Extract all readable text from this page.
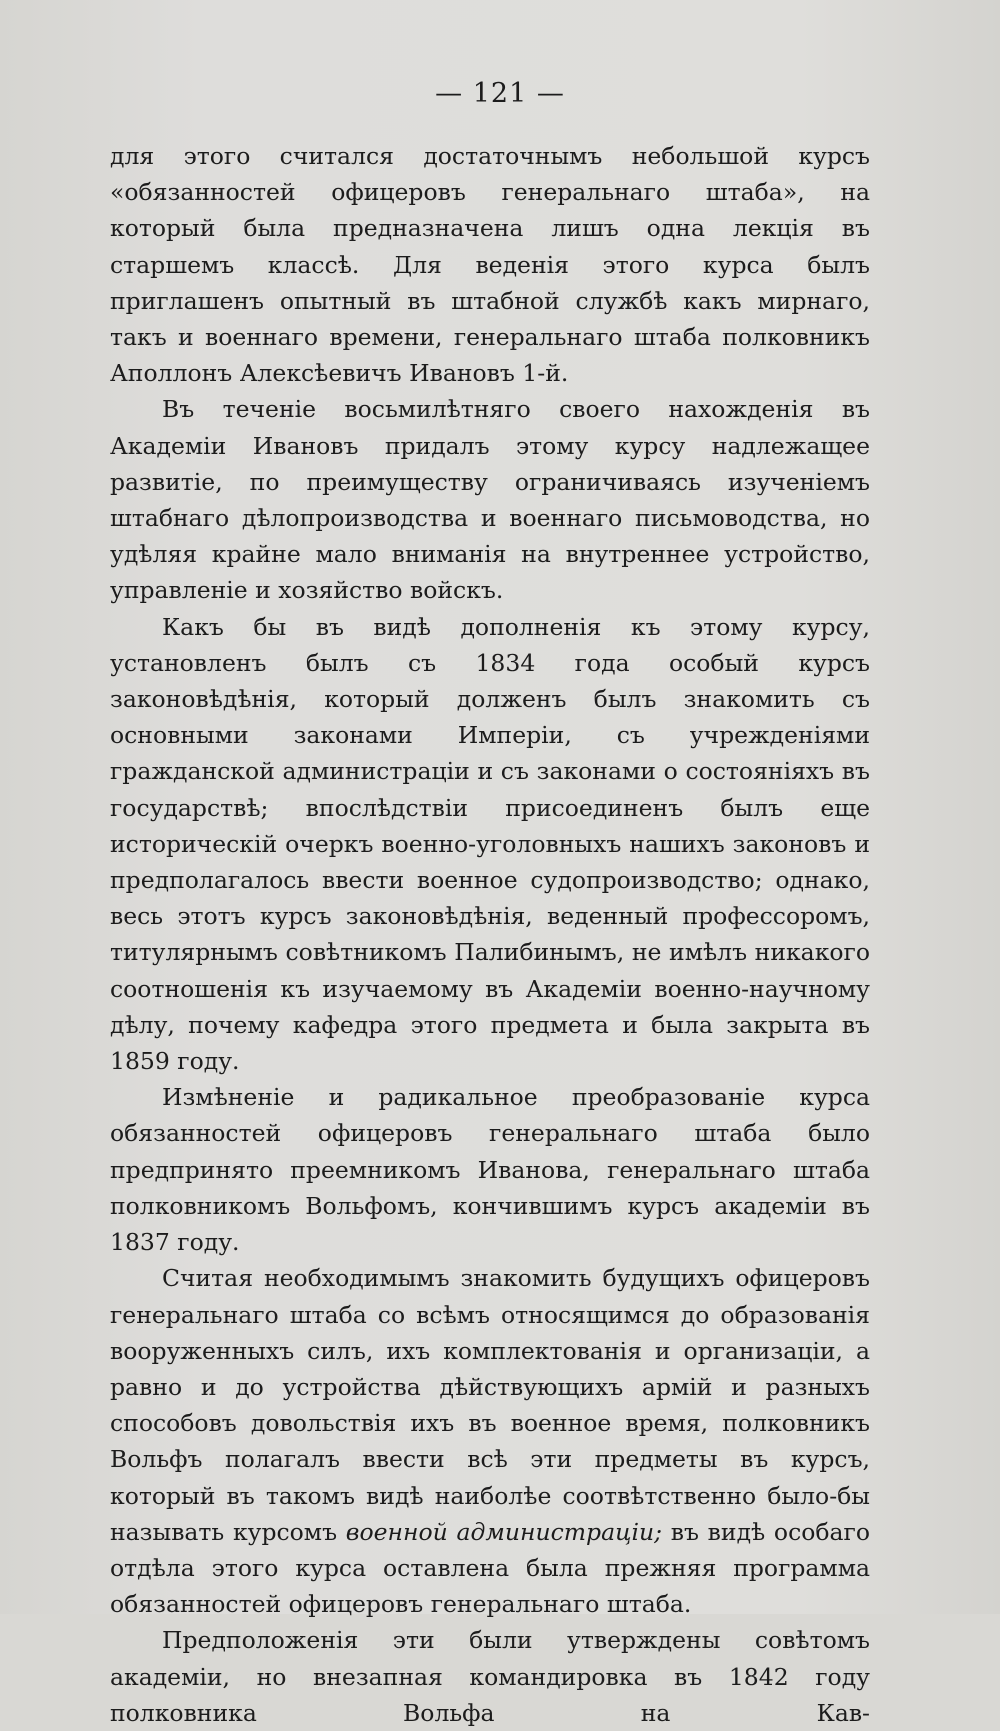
— 121 —

для этого считался достаточнымъ небольшой курсъ «обязанностей офицеровъ генеральнаго штаба», на который была предназначена лишъ одна лекція въ старшемъ классѣ. Для веденія этого курса былъ приглашенъ опытный въ штабной службѣ какъ мирнаго, такъ и военнаго времени, генеральнаго штаба полковникъ Аполлонъ Алексѣевичъ Ивановъ 1-й.

Въ теченіе восьмилѣтняго своего нахожденія въ Академіи Ивановъ придалъ этому курсу надлежащее развитіе, по преимуществу ограничиваясь изученіемъ штабнаго дѣлопроизводства и военнаго письмоводства, но удѣляя крайне мало вниманія на внутреннее устройство, управленіе и хозяйство войскъ.

Какъ бы въ видѣ дополненія къ этому курсу, установленъ былъ съ 1834 года особый курсъ законовѣдѣнія, который долженъ былъ знакомить съ основными законами Имперіи, съ учрежденіями гражданской администраціи и съ законами о состояніяхъ въ государствѣ; впослѣдствіи присоединенъ былъ еще историческій очеркъ военно-уголовныхъ нашихъ законовъ и предполагалось ввести военное судопроизводство; однако, весь этотъ курсъ законовѣдѣнія, веденный профессоромъ, титулярнымъ совѣтникомъ Палибинымъ, не имѣлъ никакого соотношенія къ изучаемому въ Академіи военно-научному дѣлу, почему кафедра этого предмета и была закрыта въ 1859 году.

Измѣненіе и радикальное преобразованіе курса обязанностей офицеровъ генеральнаго штаба было предпринято преемникомъ Иванова, генеральнаго штаба полковникомъ Вольфомъ, кончившимъ курсъ академіи въ 1837 году.

Считая необходимымъ знакомить будущихъ офицеровъ генеральнаго штаба со всѣмъ относящимся до образованія вооруженныхъ силъ, ихъ комплектованія и организаціи, а равно и до устройства дѣйствующихъ армій и разныхъ способовъ довольствія ихъ въ военное время, полковникъ Вольфъ полагалъ ввести всѣ эти предметы въ курсъ, который въ такомъ видѣ наиболѣе соотвѣтственно было-бы называть курсомъ военной администраціи; въ видѣ особаго отдѣла этого курса оставлена была прежняя программа обязанностей офицеровъ генеральнаго штаба.

Предположенія эти были утверждены совѣтомъ академіи, но внезапная командировка въ 1842 году полковника Вольфа на Кав-
